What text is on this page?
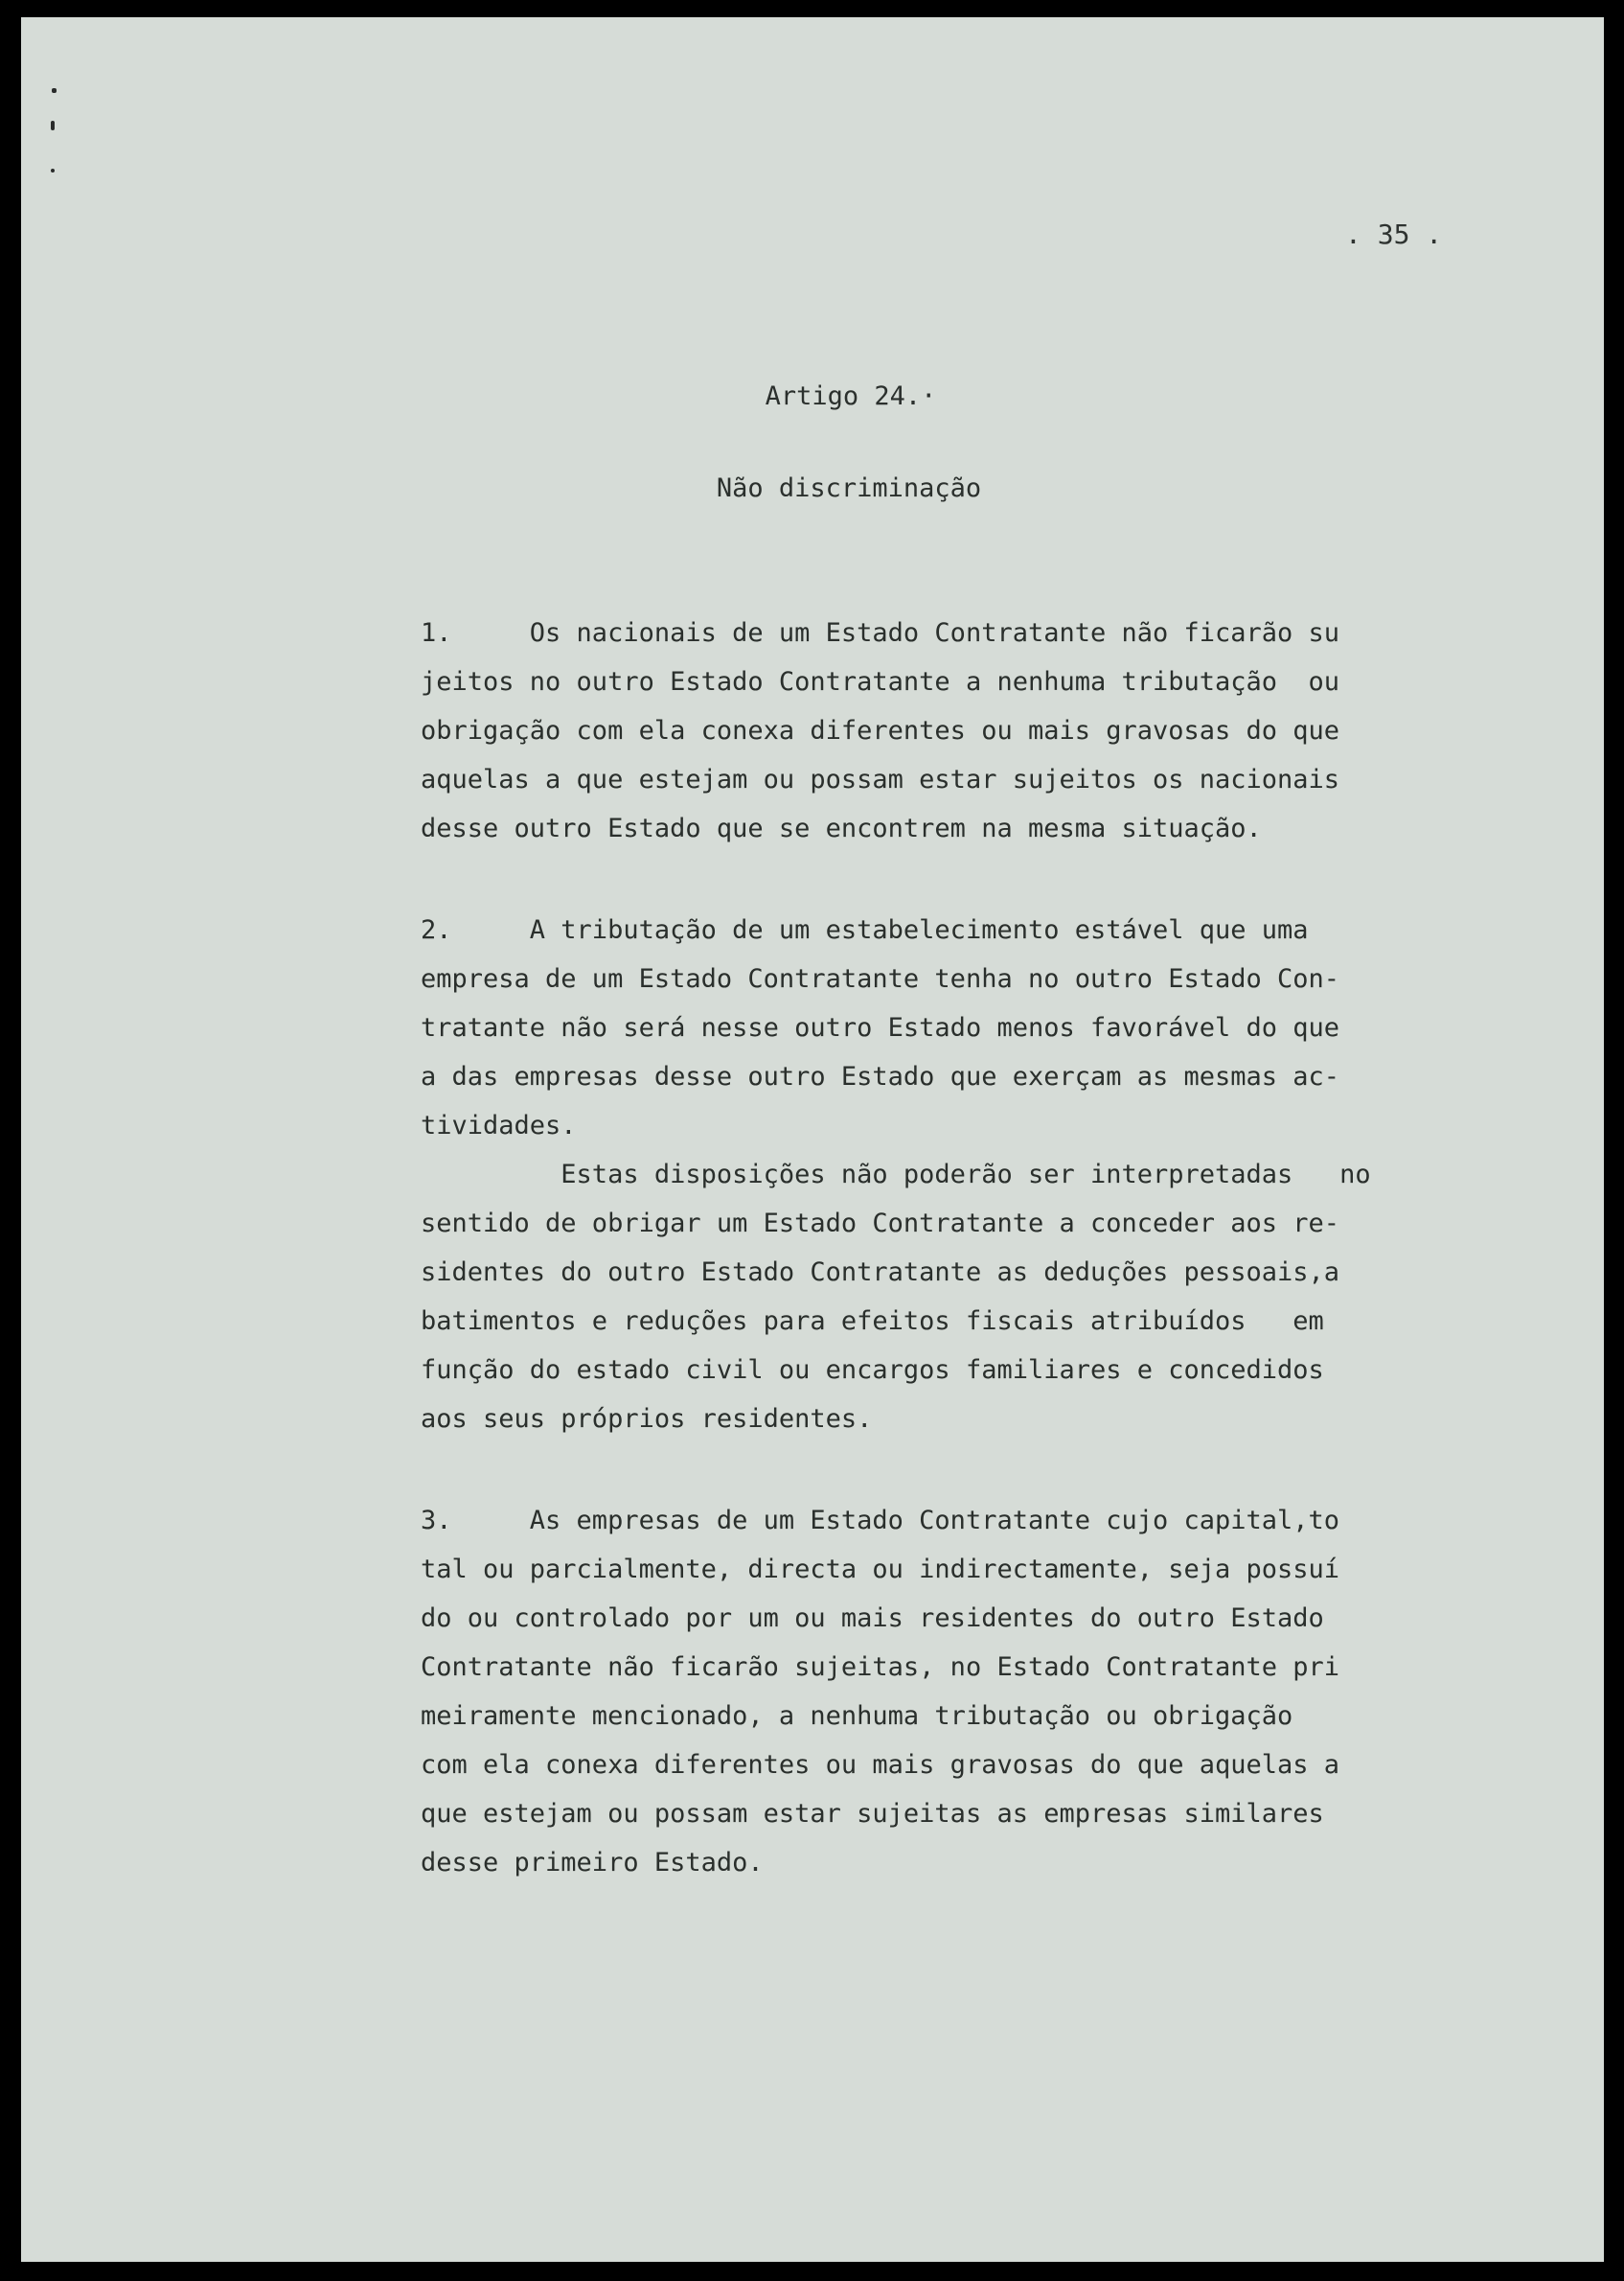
. 35 .
Artigo 24.·
Não discriminação
1.     Os nacionais de um Estado Contratante não ficarão su
jeitos no outro Estado Contratante a nenhuma tributação  ou
obrigação com ela conexa diferentes ou mais gravosas do que
aquelas a que estejam ou possam estar sujeitos os nacionais
desse outro Estado que se encontrem na mesma situação.
2.     A tributação de um estabelecimento estável que uma
empresa de um Estado Contratante tenha no outro Estado Con-
tratante não será nesse outro Estado menos favorável do que
a das empresas desse outro Estado que exerçam as mesmas ac-
tividades.
Estas disposições não poderão ser interpretadas   no
sentido de obrigar um Estado Contratante a conceder aos re-
sidentes do outro Estado Contratante as deduções pessoais,a
batimentos e reduções para efeitos fiscais atribuídos   em
função do estado civil ou encargos familiares e concedidos
aos seus próprios residentes.
3.     As empresas de um Estado Contratante cujo capital,to
tal ou parcialmente, directa ou indirectamente, seja possuí
do ou controlado por um ou mais residentes do outro Estado
Contratante não ficarão sujeitas, no Estado Contratante pri
meiramente mencionado, a nenhuma tributação ou obrigação
com ela conexa diferentes ou mais gravosas do que aquelas a
que estejam ou possam estar sujeitas as empresas similares
desse primeiro Estado.
